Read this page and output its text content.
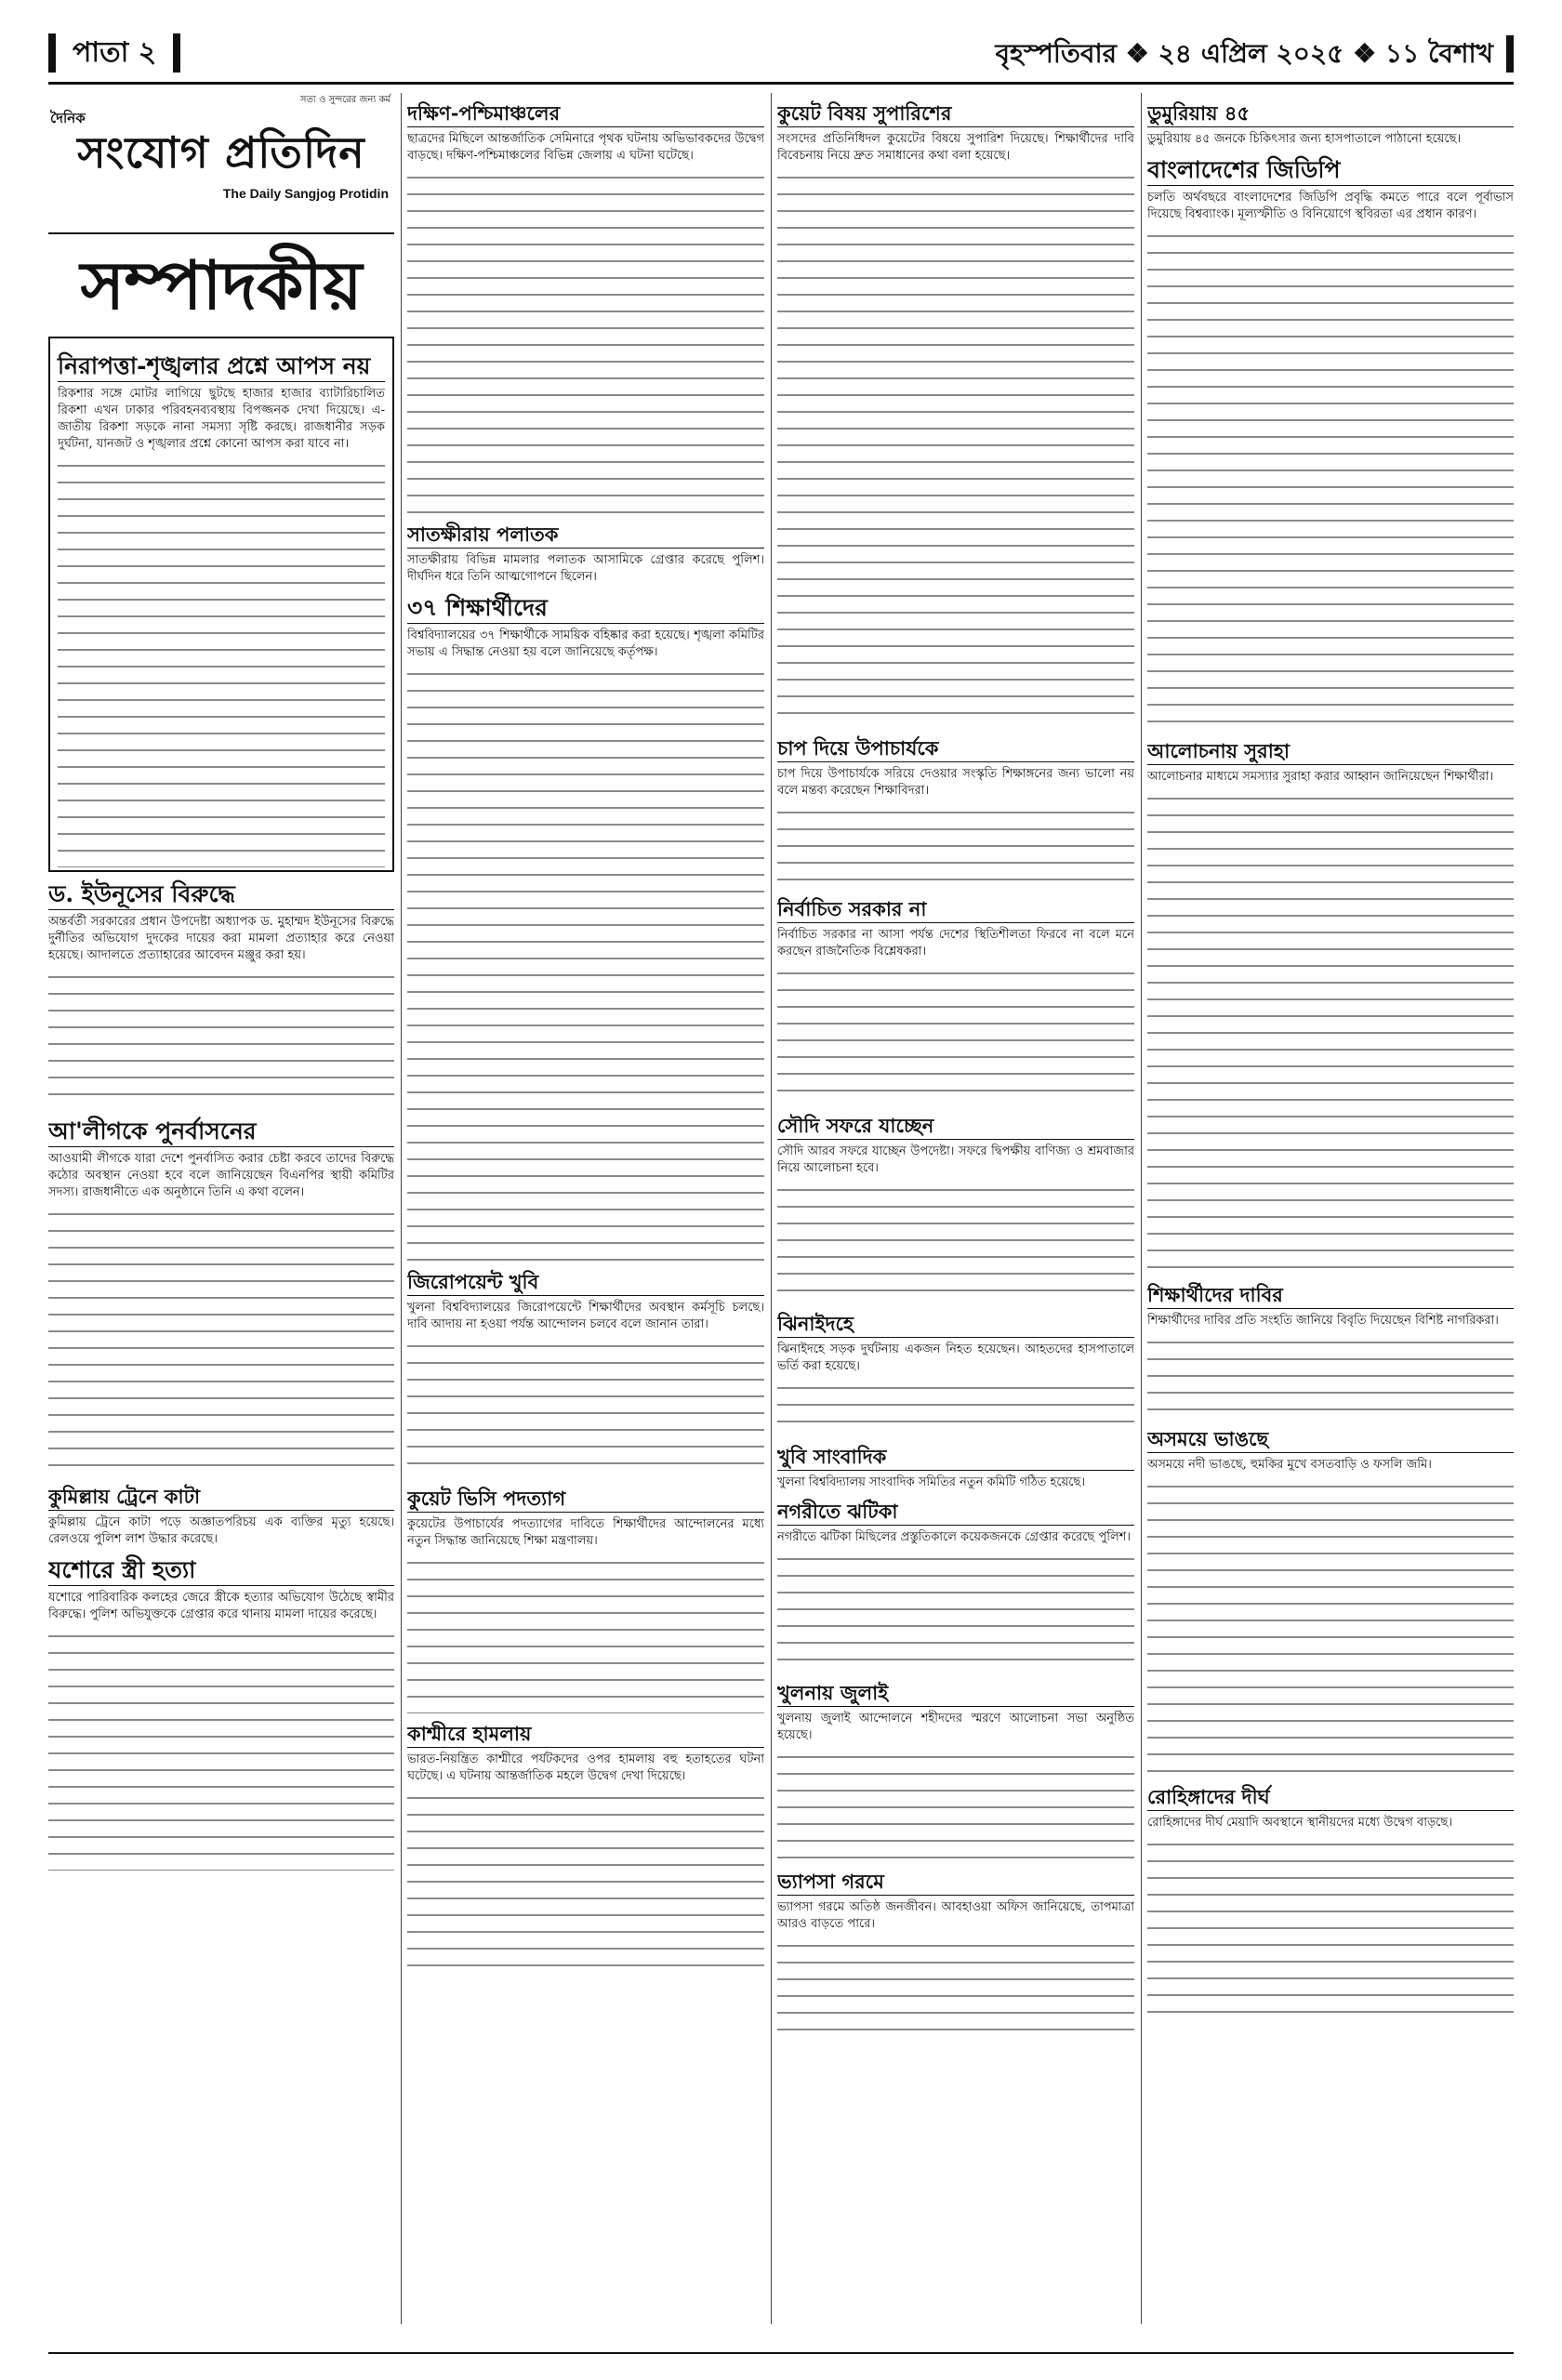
পাতা ২	বৃহস্পতিবার ❖ ২৪ এপ্রিল ২০২৫ ❖ ১১ বৈশাখ
সত্য ও সুন্দরের জন্য কর্ম
দৈনিক
সংযোগ প্রতিদিন
The Daily Sangjog Protidin
সম্পাদকীয়
নিরাপত্তা-শৃঙ্খলার প্রশ্নে আপস নয়

রিকশার সঙ্গে মোটর লাগিয়ে ছুটছে হাজার হাজার ব্যাটারিচালিত রিকশা এখন ঢাকার পরিবহনব্যবস্থায় বিপজ্জনক দেখা দিয়েছে। এ-জাতীয় রিকশা সড়কে নানা সমস্যা সৃষ্টি করছে। রাজধানীর সড়ক দুর্ঘটনা, যানজট ও শৃঙ্খলার প্রশ্নে কোনো আপস করা যাবে না।

ড. ইউনূসের বিরুদ্ধে

অন্তর্বর্তী সরকারের প্রধান উপদেষ্টা অধ্যাপক ড. মুহাম্মদ ইউনূসের বিরুদ্ধে দুর্নীতির অভিযোগ দুদকের দায়ের করা মামলা প্রত্যাহার করে নেওয়া হয়েছে। আদালতে প্রত্যাহারের আবেদন মঞ্জুর করা হয়।

আ'লীগকে পুনর্বাসনের

আওয়ামী লীগকে যারা দেশে পুনর্বাসিত করার চেষ্টা করবে তাদের বিরুদ্ধে কঠোর অবস্থান নেওয়া হবে বলে জানিয়েছেন বিএনপির স্থায়ী কমিটির সদস্য। রাজধানীতে এক অনুষ্ঠানে তিনি এ কথা বলেন।

কুমিল্লায় ট্রেনে কাটা

কুমিল্লায় ট্রেনে কাটা পড়ে অজ্ঞাতপরিচয় এক ব্যক্তির মৃত্যু হয়েছে। রেলওয়ে পুলিশ লাশ উদ্ধার করেছে।

যশোরে স্ত্রী হত্যা

যশোরে পারিবারিক কলহের জেরে স্ত্রীকে হত্যার অভিযোগ উঠেছে স্বামীর বিরুদ্ধে। পুলিশ অভিযুক্তকে গ্রেপ্তার করে থানায় মামলা দায়ের করেছে।

দক্ষিণ-পশ্চিমাঞ্চলের

ছাত্রদের মিছিলে আন্তর্জাতিক সেমিনারে পৃথক ঘটনায় অভিভাবকদের উদ্বেগ বাড়ছে। দক্ষিণ-পশ্চিমাঞ্চলের বিভিন্ন জেলায় এ ঘটনা ঘটেছে।

সাতক্ষীরায় পলাতক

সাতক্ষীরায় বিভিন্ন মামলার পলাতক আসামিকে গ্রেপ্তার করেছে পুলিশ। দীর্ঘদিন ধরে তিনি আত্মগোপনে ছিলেন।

৩৭ শিক্ষার্থীদের

বিশ্ববিদ্যালয়ের ৩৭ শিক্ষার্থীকে সাময়িক বহিষ্কার করা হয়েছে। শৃঙ্খলা কমিটির সভায় এ সিদ্ধান্ত নেওয়া হয় বলে জানিয়েছে কর্তৃপক্ষ।

জিরোপয়েন্ট খুবি

খুলনা বিশ্ববিদ্যালয়ের জিরোপয়েন্টে শিক্ষার্থীদের অবস্থান কর্মসূচি চলছে। দাবি আদায় না হওয়া পর্যন্ত আন্দোলন চলবে বলে জানান তারা।

কুয়েট ভিসি পদত্যাগ

কুয়েটের উপাচার্যের পদত্যাগের দাবিতে শিক্ষার্থীদের আন্দোলনের মধ্যে নতুন সিদ্ধান্ত জানিয়েছে শিক্ষা মন্ত্রণালয়।

কাশ্মীরে হামলায়

ভারত-নিয়ন্ত্রিত কাশ্মীরে পর্যটকদের ওপর হামলায় বহু হতাহতের ঘটনা ঘটেছে। এ ঘটনায় আন্তর্জাতিক মহলে উদ্বেগ দেখা দিয়েছে।

কুয়েট বিষয় সুপারিশের

সংসদের প্রতিনিধিদল কুয়েটের বিষয়ে সুপারিশ দিয়েছে। শিক্ষার্থীদের দাবি বিবেচনায় নিয়ে দ্রুত সমাধানের কথা বলা হয়েছে।

চাপ দিয়ে উপাচার্যকে

চাপ দিয়ে উপাচার্যকে সরিয়ে দেওয়ার সংস্কৃতি শিক্ষাঙ্গনের জন্য ভালো নয় বলে মন্তব্য করেছেন শিক্ষাবিদরা।

নির্বাচিত সরকার না

নির্বাচিত সরকার না আসা পর্যন্ত দেশের স্থিতিশীলতা ফিরবে না বলে মনে করছেন রাজনৈতিক বিশ্লেষকরা।

সৌদি সফরে যাচ্ছেন

সৌদি আরব সফরে যাচ্ছেন উপদেষ্টা। সফরে দ্বিপক্ষীয় বাণিজ্য ও শ্রমবাজার নিয়ে আলোচনা হবে।

ঝিনাইদহে

ঝিনাইদহে সড়ক দুর্ঘটনায় একজন নিহত হয়েছেন। আহতদের হাসপাতালে ভর্তি করা হয়েছে।

খুবি সাংবাদিক

খুলনা বিশ্ববিদ্যালয় সাংবাদিক সমিতির নতুন কমিটি গঠিত হয়েছে।

নগরীতে ঝটিকা

নগরীতে ঝটিকা মিছিলের প্রস্তুতিকালে কয়েকজনকে গ্রেপ্তার করেছে পুলিশ।

খুলনায় জুলাই

খুলনায় জুলাই আন্দোলনে শহীদদের স্মরণে আলোচনা সভা অনুষ্ঠিত হয়েছে।

ভ্যাপসা গরমে

ভ্যাপসা গরমে অতিষ্ঠ জনজীবন। আবহাওয়া অফিস জানিয়েছে, তাপমাত্রা আরও বাড়তে পারে।

ডুমুরিয়ায় ৪৫

ডুমুরিয়ায় ৪৫ জনকে চিকিৎসার জন্য হাসপাতালে পাঠানো হয়েছে।

বাংলাদেশের জিডিপি

চলতি অর্থবছরে বাংলাদেশের জিডিপি প্রবৃদ্ধি কমতে পারে বলে পূর্বাভাস দিয়েছে বিশ্বব্যাংক। মূল্যস্ফীতি ও বিনিয়োগে স্থবিরতা এর প্রধান কারণ।

আলোচনায় সুরাহা

আলোচনার মাধ্যমে সমস্যার সুরাহা করার আহ্বান জানিয়েছেন শিক্ষার্থীরা।

শিক্ষার্থীদের দাবির

শিক্ষার্থীদের দাবির প্রতি সংহতি জানিয়ে বিবৃতি দিয়েছেন বিশিষ্ট নাগরিকরা।

অসময়ে ভাঙছে

অসময়ে নদী ভাঙছে, হুমকির মুখে বসতবাড়ি ও ফসলি জমি।

রোহিঙ্গাদের দীর্ঘ

রোহিঙ্গাদের দীর্ঘ মেয়াদি অবস্থানে স্থানীয়দের মধ্যে উদ্বেগ বাড়ছে।
